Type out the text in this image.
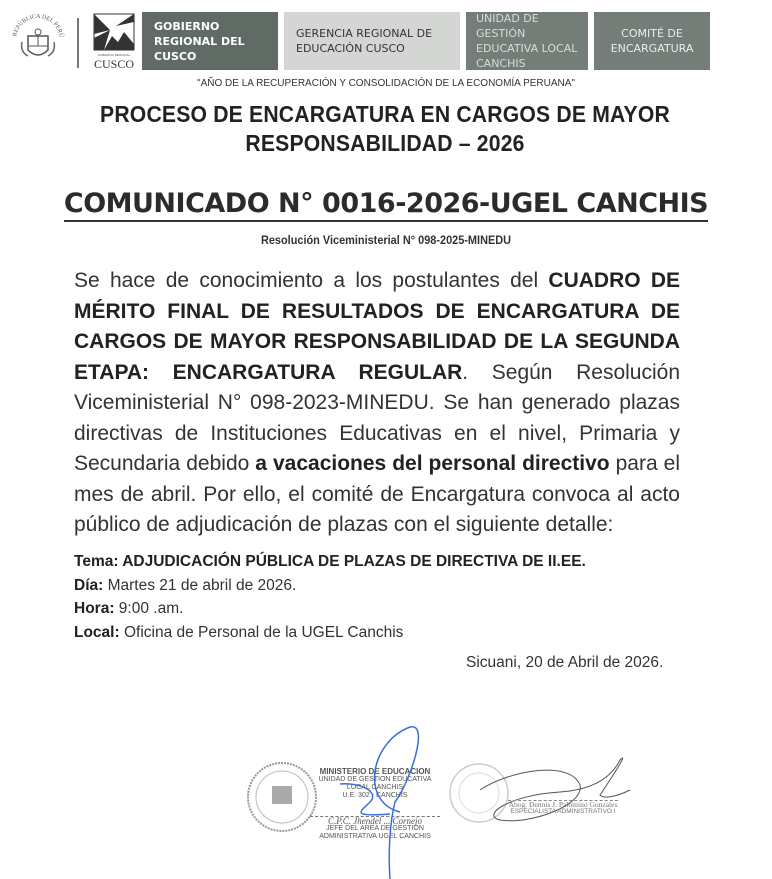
REPÚBLICA DEL PERÚ
GOBIERNO REGIONAL
CUSCO
GOBIERNO REGIONAL DEL CUSCO
GERENCIA REGIONAL DE EDUCACIÓN CUSCO
UNIDAD DE GESTIÓN EDUCATIVA LOCAL CANCHIS
COMITÉ DE ENCARGATURA
"AÑO DE LA RECUPERACIÓN Y CONSOLIDACIÓN DE LA ECONOMÍA PERUANA"
PROCESO DE ENCARGATURA EN CARGOS DE MAYOR
RESPONSABILIDAD – 2026
COMUNICADO N° 0016-2026-UGEL CANCHIS
Resolución Viceministerial N° 098-2025-MINEDU
Se hace de conocimiento a los postulantes del CUADRO DE MÉRITO FINAL DE RESULTADOS DE ENCARGATURA DE CARGOS DE MAYOR RESPONSABILIDAD DE LA SEGUNDA ETAPA: ENCARGATURA REGULAR. Según Resolución Viceministerial N° 098-2023-MINEDU. Se han generado plazas directivas de Instituciones Educativas en el nivel, Primaria y Secundaria debido a vacaciones del personal directivo para el mes de abril. Por ello, el comité de Encargatura convoca al acto público de adjudicación de plazas con el siguiente detalle:
Tema: ADJUDICACIÓN PÚBLICA DE PLAZAS DE DIRECTIVA DE II.EE.
Día: Martes 21 de abril de 2026.
Hora: 9:00 .am.
Local: Oficina de Personal de la UGEL Canchis
Sicuani, 20 de Abril de 2026.
MINISTERIO DE EDUCACION
UNIDAD DE GESTION EDUCATIVA LOCAL CANCHIS
U.E. 302 - CANCHIS
C.P.C. Jhendel ... Cornejo
JEFE DEL AREA DE GESTION ADMINISTRATIVA UGEL CANCHIS
Abog. Dennis J. Palomino Gonzales
ESPECIALISTA ADMINISTRATIVO I
